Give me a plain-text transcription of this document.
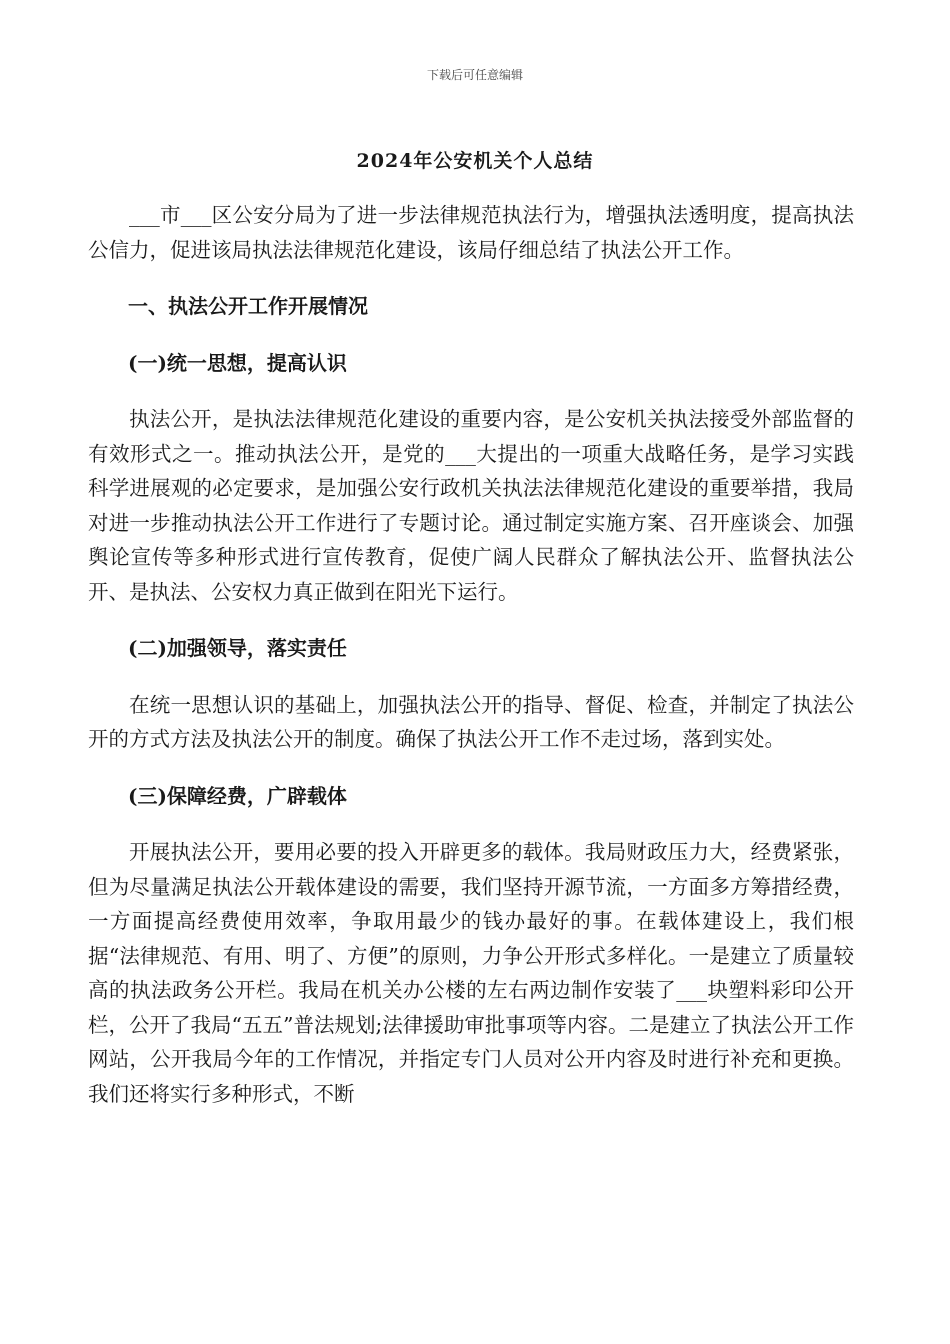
下载后可任意编辑
2024年公安机关个人总结

___市___区公安分局为了进一步法律规范执法行为，增强执法透明度，提高执法公信力，促进该局执法法律规范化建设，该局仔细总结了执法公开工作。

一、执法公开工作开展情况

(一)统一思想，提高认识

执法公开，是执法法律规范化建设的重要内容，是公安机关执法接受外部监督的有效形式之一。推动执法公开，是党的___大提出的一项重大战略任务，是学习实践科学进展观的必定要求，是加强公安行政机关执法法律规范化建设的重要举措，我局对进一步推动执法公开工作进行了专题讨论。通过制定实施方案、召开座谈会、加强舆论宣传等多种形式进行宣传教育，促使广阔人民群众了解执法公开、监督执法公开、是执法、公安权力真正做到在阳光下运行。

(二)加强领导，落实责任

在统一思想认识的基础上，加强执法公开的指导、督促、检查，并制定了执法公开的方式方法及执法公开的制度。确保了执法公开工作不走过场，落到实处。

(三)保障经费，广辟载体

开展执法公开，要用必要的投入开辟更多的载体。我局财政压力大，经费紧张，但为尽量满足执法公开载体建设的需要，我们坚持开源节流，一方面多方筹措经费，一方面提高经费使用效率，争取用最少的钱办最好的事。在载体建设上，我们根据“法律规范、有用、明了、方便”的原则，力争公开形式多样化。一是建立了质量较高的执法政务公开栏。我局在机关办公楼的左右两边制作安装了___块塑料彩印公开栏，公开了我局“五五”普法规划;法律援助审批事项等内容。二是建立了执法公开工作网站，公开我局今年的工作情况，并指定专门人员对公开内容及时进行补充和更换。我们还将实行多种形式，不断
